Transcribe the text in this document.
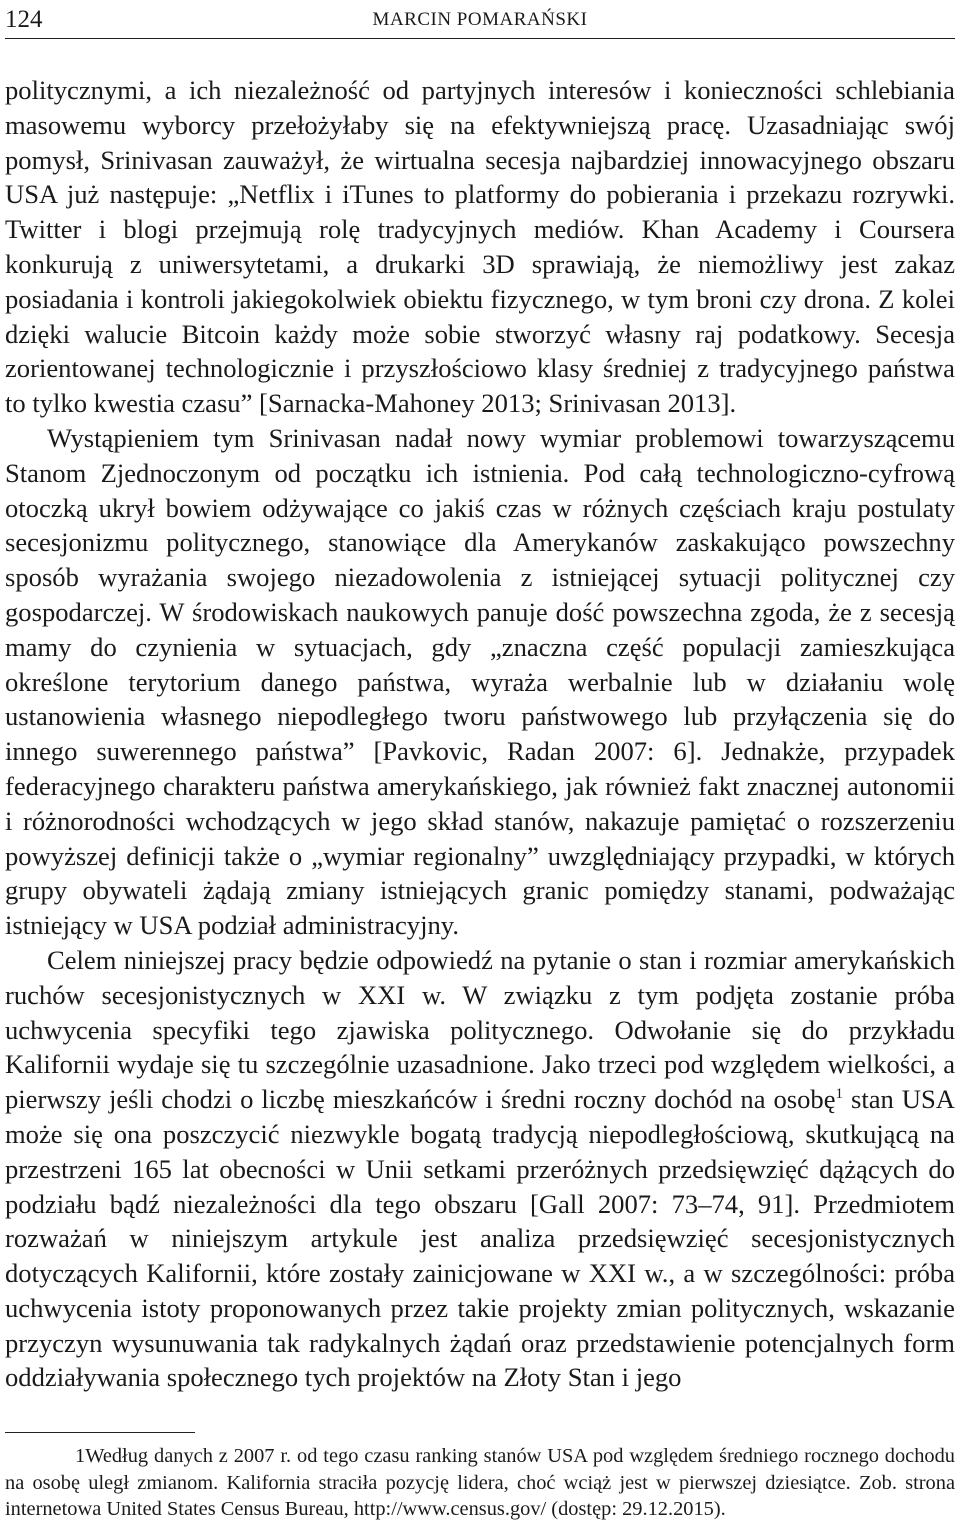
124	MARCIN POMARAŃSKI

politycznymi, a ich niezależność od partyjnych interesów i konieczności schlebiania masowemu wyborcy przełożyłaby się na efektywniejszą pracę. Uzasadniając swój pomysł, Srinivasan zauważył, że wirtualna secesja najbardziej innowacyjnego obszaru USA już następuje: „Netflix i iTunes to platformy do pobierania i przekazu rozrywki. Twitter i blogi przejmują rolę tradycyjnych mediów. Khan Academy i Coursera konkurują z uniwersytetami, a drukarki 3D sprawiają, że niemożliwy jest zakaz posiadania i kontroli jakiegokolwiek obiektu fizycznego, w tym broni czy drona. Z kolei dzięki walucie Bitcoin każdy może sobie stworzyć własny raj podatkowy. Secesja zorientowanej technologicznie i przyszłościowo klasy średniej z tradycyjnego państwa to tylko kwestia czasu” [Sarnacka-Mahoney 2013; Srinivasan 2013].

Wystąpieniem tym Srinivasan nadał nowy wymiar problemowi towarzyszącemu Stanom Zjednoczonym od początku ich istnienia. Pod całą technologiczno-cyfrową otoczką ukrył bowiem odżywające co jakiś czas w różnych częściach kraju postulaty secesjonizmu politycznego, stanowiące dla Amerykanów zaskakująco powszechny sposób wyrażania swojego niezadowolenia z istniejącej sytuacji politycznej czy gospodarczej. W środowiskach naukowych panuje dość powszechna zgoda, że z secesją mamy do czynienia w sytuacjach, gdy „znaczna część populacji zamieszkująca określone terytorium danego państwa, wyraża werbalnie lub w działaniu wolę ustanowienia własnego niepodległego tworu państwowego lub przyłączenia się do innego suwerennego państwa” [Pavkovic, Radan 2007: 6]. Jednakże, przypadek federacyjnego charakteru państwa amerykańskiego, jak również fakt znacznej autonomii i różnorodności wchodzących w jego skład stanów, nakazuje pamiętać o rozszerzeniu powyższej definicji także o „wymiar regionalny” uwzględniający przypadki, w których grupy obywateli żądają zmiany istniejących granic pomiędzy stanami, podważając istniejący w USA podział administracyjny.

Celem niniejszej pracy będzie odpowiedź na pytanie o stan i rozmiar amerykańskich ruchów secesjonistycznych w XXI w. W związku z tym podjęta zostanie próba uchwycenia specyfiki tego zjawiska politycznego. Odwołanie się do przykładu Kalifornii wydaje się tu szczególnie uzasadnione. Jako trzeci pod względem wielkości, a pierwszy jeśli chodzi o liczbę mieszkańców i średni roczny dochód na osobę$^1$ stan USA może się ona poszczycić niezwykle bogatą tradycją niepodległościową, skutkującą na przestrzeni 165 lat obecności w Unii setkami przeróżnych przedsięwzięć dążących do podziału bądź niezależności dla tego obszaru [Gall 2007: 73–74, 91]. Przedmiotem rozważań w niniejszym artykule jest analiza przedsięwzięć secesjonistycznych dotyczących Kalifornii, które zostały zainicjowane w XXI w., a w szczególności: próba uchwycenia istoty proponowanych przez takie projekty zmian politycznych, wskazanie przyczyn wysunuwania tak radykalnych żądań oraz przedstawienie potencjalnych form oddziaływania społecznego tych projektów na Złoty Stan i jego

1Według danych z 2007 r. od tego czasu ranking stanów USA pod względem średniego rocznego dochodu na osobę uległ zmianom. Kalifornia straciła pozycję lidera, choć wciąż jest w pierwszej dziesiątce. Zob. strona internetowa United States Census Bureau, http://www.census.gov/ (dostęp: 29.12.2015).
